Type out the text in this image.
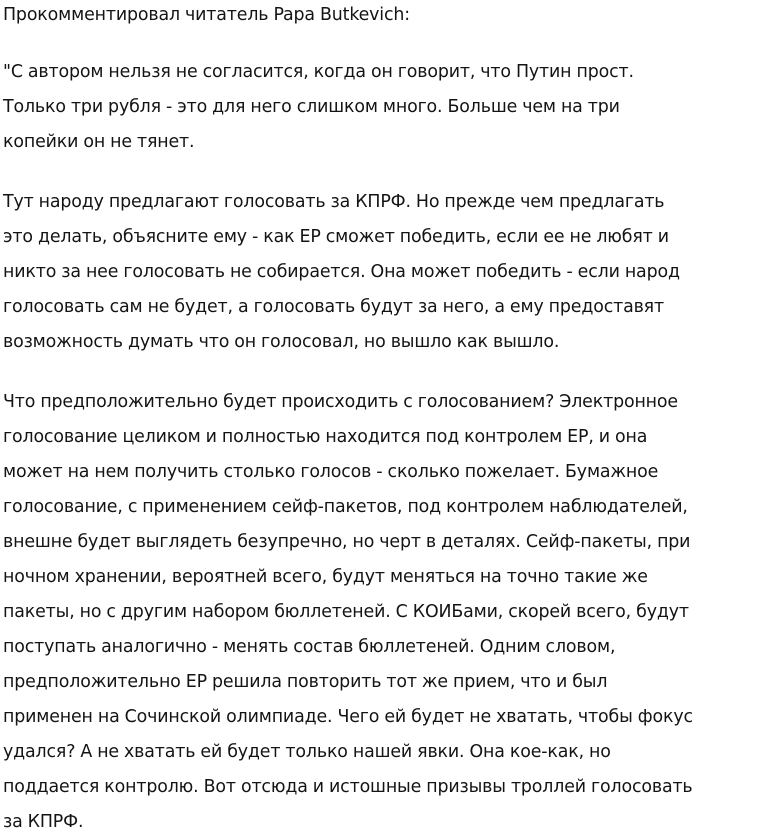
Прокомментировал читатель Papa Butkevich:

"С автором нельзя не согласится, когда он говорит, что Путин прост.
Только три рубля - это для него слишком много. Больше чем на три
копейки он не тянет.

Тут народу предлагают голосовать за КПРФ. Но прежде чем предлагать
это делать, объясните ему - как ЕР сможет победить, если ее не любят и
никто за нее голосовать не собирается. Она может победить - если народ
голосовать сам не будет, а голосовать будут за него, а ему предоставят
возможность думать что он голосовал, но вышло как вышло.

Что предположительно будет происходить с голосованием? Электронное
голосование целиком и полностью находится под контролем ЕР, и она
может на нем получить столько голосов - сколько пожелает. Бумажное
голосование, с применением сейф-пакетов, под контролем наблюдателей,
внешне будет выглядеть безупречно, но черт в деталях. Сейф-пакеты, при
ночном хранении, вероятней всего, будут меняться на точно такие же
пакеты, но с другим набором бюллетеней. С КОИБами, скорей всего, будут
поступать аналогично - менять состав бюллетеней. Одним словом,
предположительно ЕР решила повторить тот же прием, что и был
применен на Сочинской олимпиаде. Чего ей будет не хватать, чтобы фокус
удался? А не хватать ей будет только нашей явки. Она кое-как, но
поддается контролю. Вот отсюда и истошные призывы троллей голосовать
за КПРФ.
